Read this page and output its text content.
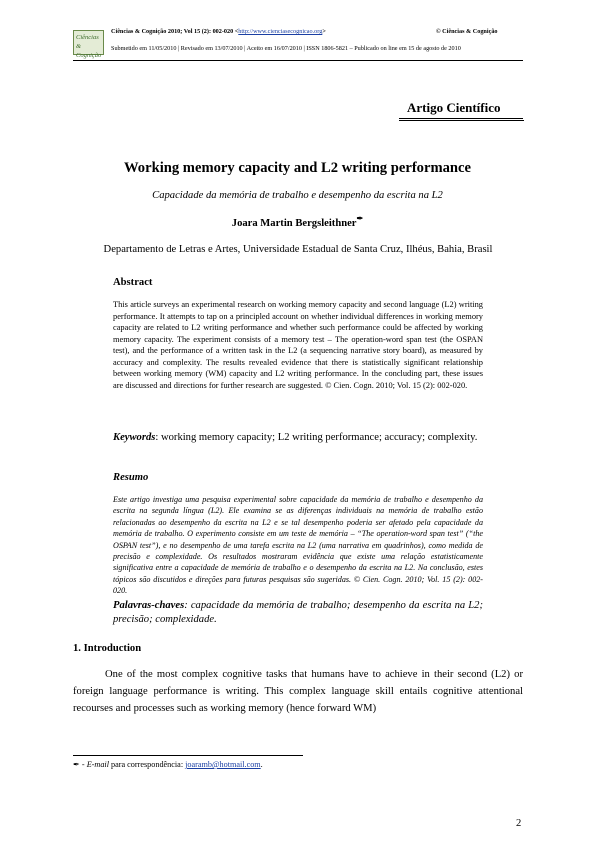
Ciências & Cognição
Ciências & Cognição 2010; Vol 15 (2): 002-020 <http://www.cienciasecognicao.org>	© Ciências & Cognição
Submetido em 11/05/2010 | Revisado em 13/07/2010 | Aceito em 16/07/2010 | ISSN 1806-5821 – Publicado on line em 15 de agosto de 2010
Artigo Científico
Working memory capacity and L2 writing performance
Capacidade da memória de trabalho e desempenho da escrita na L2
Joara Martin Bergsleithner✒
Departamento de Letras e Artes, Universidade Estadual de Santa Cruz, Ilhéus, Bahia, Brasil
Abstract
This article surveys an experimental research on working memory capacity and second language (L2) writing performance. It attempts to tap on a principled account on whether individual differences in working memory capacity are related to L2 writing performance and whether such performance could be affected by working memory capacity. The experiment consists of a memory test – The operation-word span test (the OSPAN test), and the performance of a written task in the L2 (a sequencing narrative story board), as measured by accuracy and complexity. The results revealed evidence that there is statistically significant relationship between working memory (WM) capacity and L2 writing performance. In the concluding part, these issues are discussed and directions for further research are suggested. © Cien. Cogn. 2010; Vol. 15 (2): 002-020.
Keywords: working memory capacity; L2 writing performance; accuracy; complexity.
Resumo
Este artigo investiga uma pesquisa experimental sobre capacidade da memória de trabalho e desempenho da escrita na segunda língua (L2). Ele examina se as diferenças individuais na memória de trabalho estão relacionadas ao desempenho da escrita na L2 e se tal desempenho poderia ser afetado pela capacidade da memória de trabalho. O experimento consiste em um teste de memória – “The operation-word span test” (“the OSPAN test”), e no desempenho de uma tarefa escrita na L2 (uma narrativa em quadrinhos), como medida de precisão e complexidade. Os resultados mostraram evidência que existe uma relação estatisticamente significativa entre a capacidade de memória de trabalho e o desempenho da escrita na L2. Na conclusão, estes tópicos são discutidos e direções para futuras pesquisas são sugeridas. © Cien. Cogn. 2010; Vol. 15 (2): 002-020.
Palavras-chaves: capacidade da memória de trabalho; desempenho da escrita na L2; precisão; complexidade.
1. Introduction
One of the most complex cognitive tasks that humans have to achieve in their second (L2) or foreign language performance is writing. This complex language skill entails cognitive attentional recourses and processes such as working memory (hence forward WM)
✒ - E-mail para correspondência: joaramb@hotmail.com.
2
